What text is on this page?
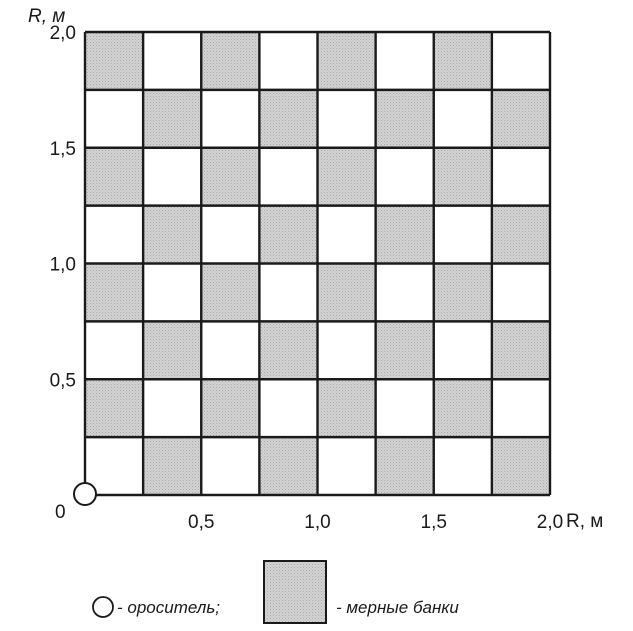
R, м
R, м
0	0,5	1,0	1,5	2,0
0,5
1,0
1,5
2,0
- ороситель;	- мерные банки
